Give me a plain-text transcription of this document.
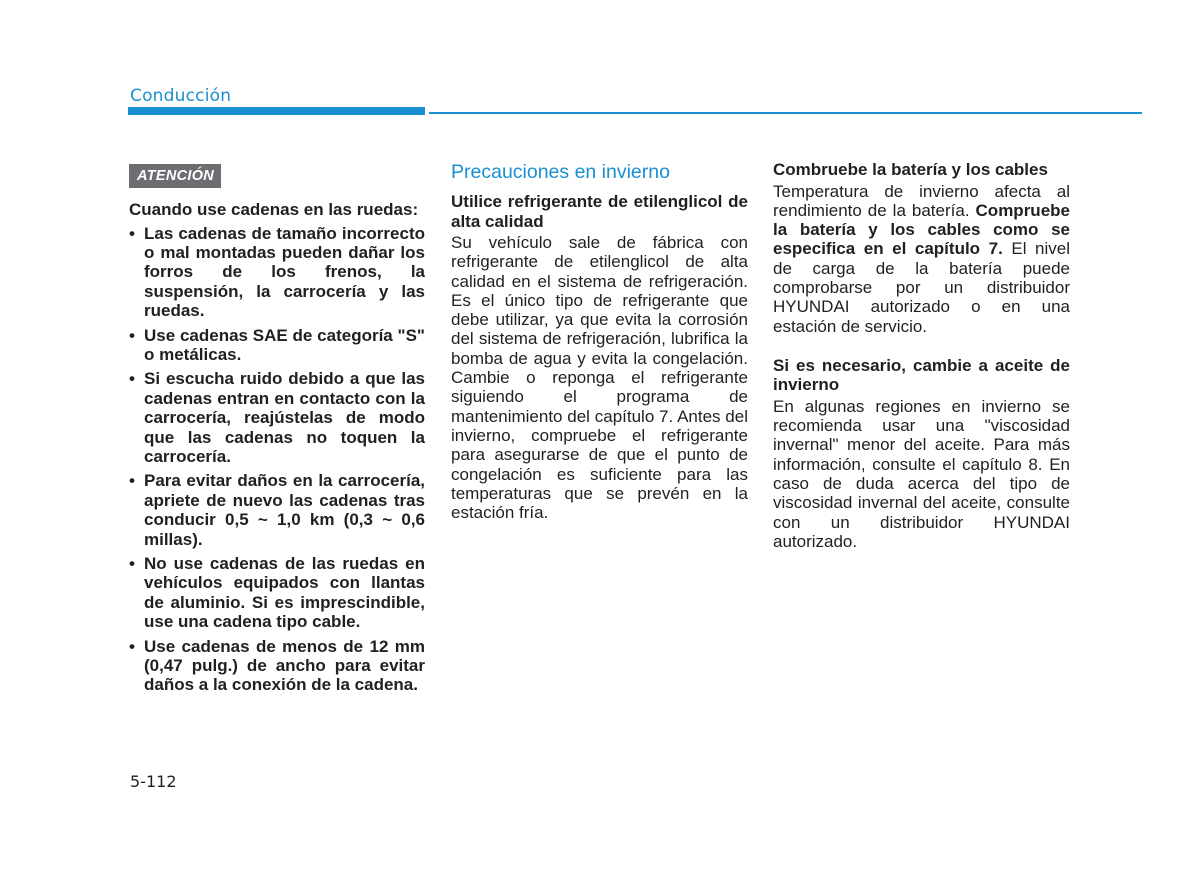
Conducción
ATENCIÓN

Cuando use cadenas en las ruedas:

• Las cadenas de tamaño incorrecto o mal montadas pueden dañar los forros de los frenos, la suspensión, la carrocería y las ruedas.
• Use cadenas SAE de categoría "S" o metálicas.
• Si escucha ruido debido a que las cadenas entran en contacto con la carrocería, reajústelas de modo que las cadenas no toquen la carrocería.
• Para evitar daños en la carrocería, apriete de nuevo las cadenas tras conducir 0,5 ~ 1,0 km (0,3 ~ 0,6 millas).
• No use cadenas de las ruedas en vehículos equipados con llantas de aluminio. Si es imprescindible, use una cadena tipo cable.
• Use cadenas de menos de 12 mm (0,47 pulg.) de ancho para evitar daños a la conexión de la cadena.
Precauciones en invierno

Utilice refrigerante de etilenglicol de alta calidad

Su vehículo sale de fábrica con refrigerante de etilenglicol de alta calidad en el sistema de refrigeración. Es el único tipo de refrigerante que debe utilizar, ya que evita la corrosión del sistema de refrigeración, lubrifica la bomba de agua y evita la congelación. Cambie o reponga el refrigerante siguiendo el programa de mantenimiento del capítulo 7. Antes del invierno, compruebe el refrigerante para asegurarse de que el punto de congelación es suficiente para las temperaturas que se prevén en la estación fría.

Combruebe la batería y los cables

Temperatura de invierno afecta al rendimiento de la batería. Compruebe la batería y los cables como se especifica en el capítulo 7. El nivel de carga de la batería puede comprobarse por un distribuidor HYUNDAI autorizado o en una estación de servicio.

Si es necesario, cambie a aceite de invierno

En algunas regiones en invierno se recomienda usar una "viscosidad invernal" menor del aceite. Para más información, consulte el capítulo 8. En caso de duda acerca del tipo de viscosidad invernal del aceite, consulte con un distribuidor HYUNDAI autorizado.

5-112
